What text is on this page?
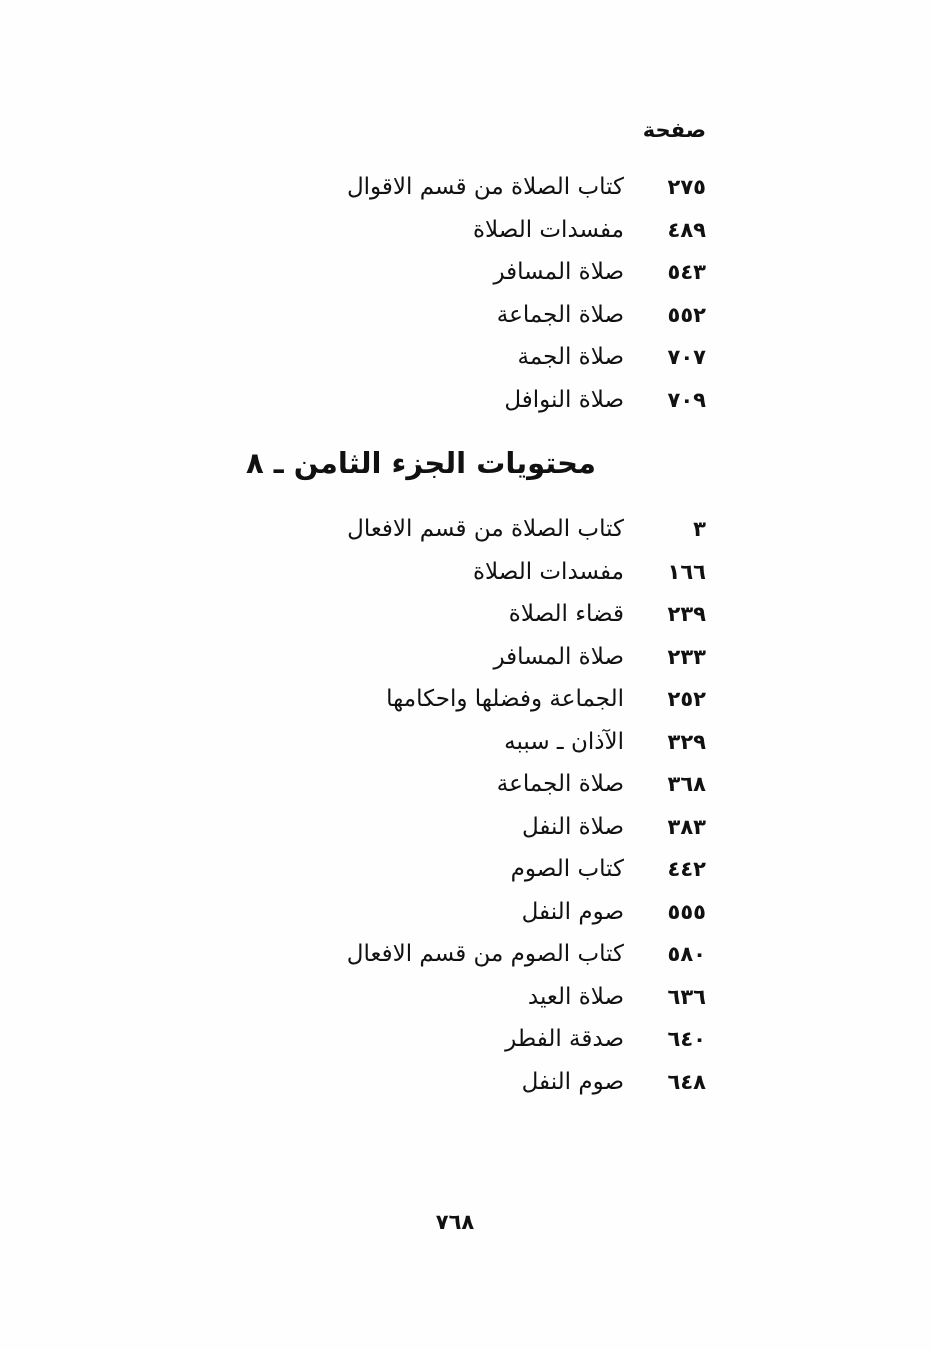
صفحة
٢٧٥
كتاب الصلاة من قسم الاقوال
٤٨٩
مفسدات الصلاة
٥٤٣
صلاة المسافر
٥٥٢
صلاة الجماعة
٧٠٧
صلاة الجمة
٧٠٩
صلاة النوافل
محتويات الجزء الثامن ـ ٨
٣
كتاب الصلاة من قسم الافعال
١٦٦
مفسدات الصلاة
٢٣٩
قضاء الصلاة
٢٣٣
صلاة المسافر
٢٥٢
الجماعة وفضلها واحكامها
٣٢٩
الآذان ـ سببه
٣٦٨
صلاة الجماعة
٣٨٣
صلاة النفل
٤٤٢
كتاب الصوم
٥٥٥
صوم النفل
٥٨٠
كتاب الصوم من قسم الافعال
٦٣٦
صلاة العيد
٦٤٠
صدقة الفطر
٦٤٨
صوم النفل
٧٦٨
